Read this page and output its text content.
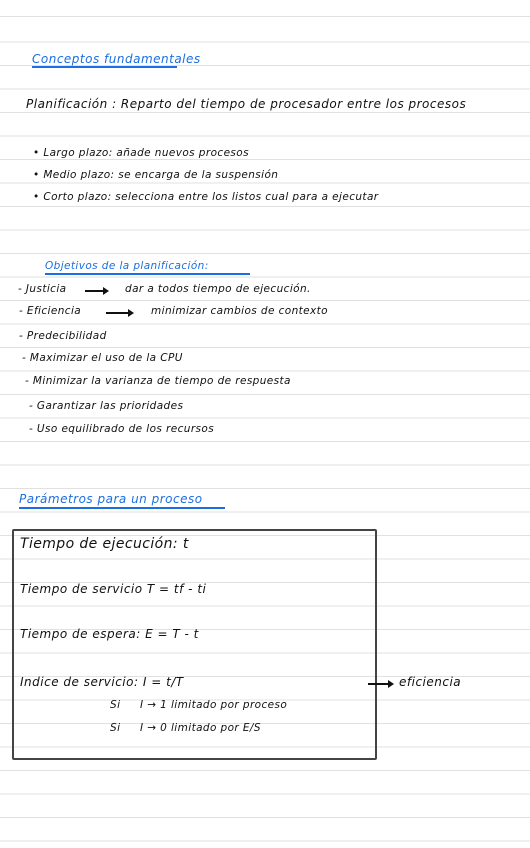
Conceptos fundamentales
Planificación : Reparto del tiempo de procesador entre los procesos
• Largo plazo: añade nuevos procesos
• Medio plazo: se encarga de la suspensión
• Corto plazo: selecciona entre los listos cual para a ejecutar
Objetivos de la planificación:
- Justicia	dar a todos tiempo de ejecución.
- Eficiencia	minimizar cambios de contexto
- Predecibilidad
- Maximizar el uso de la CPU
- Minimizar la varianza de tiempo de respuesta
- Garantizar las prioridades
- Uso equilibrado de los recursos
Parámetros para un proceso
Tiempo de ejecución: t
Tiempo de servicio T = tf - ti
Tiempo de espera: E = T - t
Indice de servicio: I = t/T
Si I → 1 limitado por proceso
Si I → 0 limitado por E/S
eficiencia
